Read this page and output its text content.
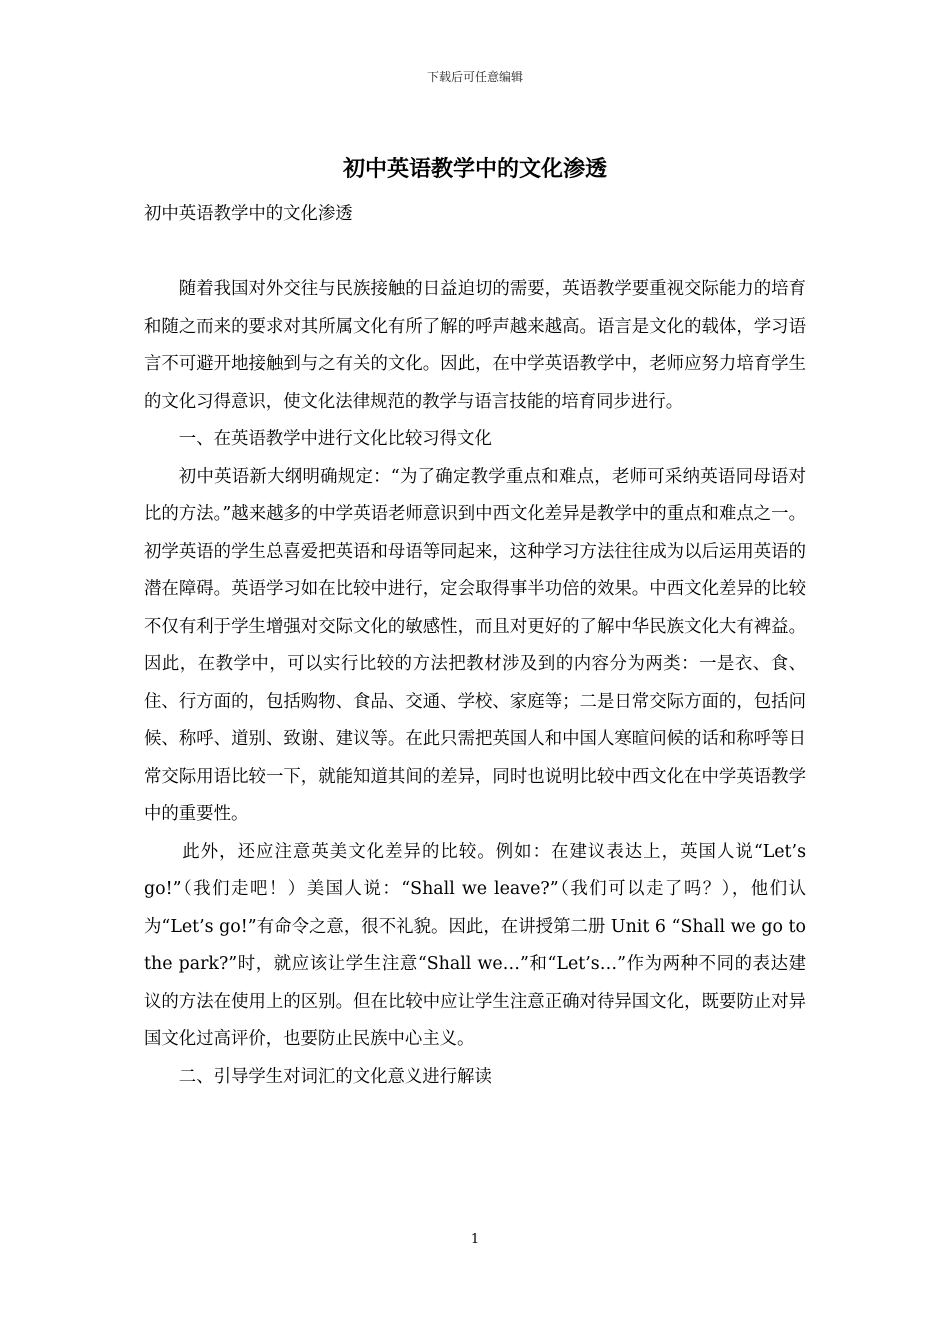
下载后可任意编辑
初中英语教学中的文化渗透

初中英语教学中的文化渗透

随着我国对外交往与民族接触的日益迫切的需要，英语教学要重视交际能力的培育和随之而来的要求对其所属文化有所了解的呼声越来越高。语言是文化的载体，学习语言不可避开地接触到与之有关的文化。因此，在中学英语教学中，老师应努力培育学生的文化习得意识，使文化法律规范的教学与语言技能的培育同步进行。

一、在英语教学中进行文化比较习得文化

初中英语新大纲明确规定：“为了确定教学重点和难点，老师可采纳英语同母语对比的方法。”越来越多的中学英语老师意识到中西文化差异是教学中的重点和难点之一。初学英语的学生总喜爱把英语和母语等同起来，这种学习方法往往成为以后运用英语的潜在障碍。英语学习如在比较中进行，定会取得事半功倍的效果。中西文化差异的比较不仅有利于学生增强对交际文化的敏感性，而且对更好的了解中华民族文化大有裨益。因此，在教学中，可以实行比较的方法把教材涉及到的内容分为两类：一是衣、食、住、行方面的，包括购物、食品、交通、学校、家庭等；二是日常交际方面的，包括问候、称呼、道别、致谢、建议等。在此只需把英国人和中国人寒暄问候的话和称呼等日常交际用语比较一下，就能知道其间的差异，同时也说明比较中西文化在中学英语教学中的重要性。

此外，还应注意英美文化差异的比较。例如：在建议表达上，英国人说“Let’s go!”（我们走吧！）美国人说：“Shall we leave?”（我们可以走了吗？），他们认为“Let’s go!”有命令之意，很不礼貌。因此，在讲授第二册 Unit 6 “Shall we go to the park?”时，就应该让学生注意“Shall we…”和“Let’s…”作为两种不同的表达建议的方法在使用上的区别。但在比较中应让学生注意正确对待异国文化，既要防止对异国文化过高评价，也要防止民族中心主义。

二、引导学生对词汇的文化意义进行解读

1
